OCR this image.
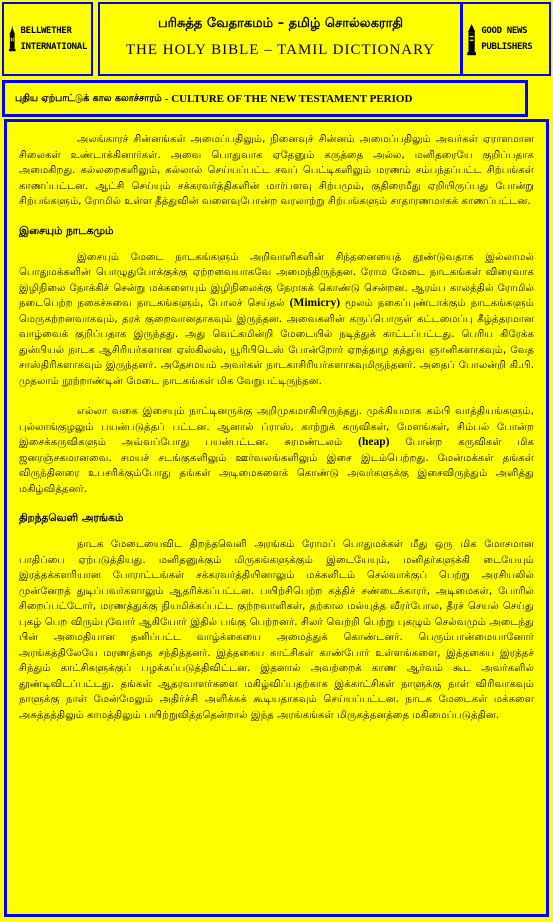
BELLWETHER INTERNATIONAL
பரிசுத்த வேதாகமம் – தமிழ் சொல்லகராதி
THE HOLY BIBLE – TAMIL DICTIONARY
GOOD NEWS PUBLISHERS
புதிய ஏற்பாட்டுக் கால கலாச்சாரம் - CULTURE OF THE NEW TESTAMENT PERIOD

அலங்காரச் சின்னங்கள் அமைப்பதிலும், நினைவுச் சின்னம் அமைப்பதிலும் அவர்கள் ஏராளமான சிலைகள் உண்டாக்கினார்கள். அவை பொதுவாக ஏதேனும் கருத்தை அல்ல, மனிதரையே குறிப்பதாக அமைகிறது. கல்லறைகளிலும், கல்லால் செய்யப்பட்ட சவப் பெட்டிகளிலும் மரணம் சம்பந்தப்பட்ட சிற்பங்கள் காணப்பட்டன. ஆட்சி செய்யும் சக்கரவர்த்திகளின் மார்பளவு சிற்பமும், குதிரைமீது ஏறியிருப்பது போன்று சிற்பங்களும், ரோமில் உள்ள தீத்துவின் வளைவுபோன்ற வரலாற்று சிற்பங்களும் சாதாரணமாகக் காணப்பட்டன.

இசையும் நாடகமும்

இசையும் மேடை நாடகங்களும் அறிவாளிகளின் சிந்தனையைத் தூண்டுவதாக இல்லாமல் பொதுமக்களின் பொழுதுபோக்குக்கு ஏற்றவையாகவே அமைந்திருந்தன. ரோம மேடை நாடகங்கள் விரைவாக இழிநிலை நோக்கிச் சென்று மக்களையும் இழிநிலைக்கு நேராகக் கொண்டு சென்றன. ஆரம்ப காலத்தில் ரோமில் நடைபெற்ற நகைச்சுவை நாடகங்களும், போலச் செய்தல் (Mimicry) மூலம் நகைப்புண்டாக்கும் நாடகங்களும் மெருகற்றனவாகவும், தரக் குறைவானதாகவும் இருந்தன. அவைகளின் கருப்பொருள் கட்டமைப்பு கீழ்த்தரமான வாழ்வைக் குறிப்பதாக இருந்தது. அது வெட்கமின்றி மேடையில் நடித்துக் காட்டப்பட்டது. பெரிய கிரேக்க துன்பியல் நாடக ஆசிரியர்களான ஏஸ்கிலஸ், யூரிபிடெஸ் போன்றோர் ஏறத்தாழ தத்துவ ஞானிகளாகவும், வேத சாஸ்திரிகளாகவும் இருந்தனர். அதேசமயம் அவர்கள் நாடகாசிரியர்களாகவுமிருந்தனர். அதைப் போலன்றி கி.பி. முதலாம் நூற்றாண்டின் மேடை நாடகங்கள் மிக வேறுபட்டிருந்தன.

எல்லா வகை இசையும் நாட்டினருக்கு அறிமுகமாகியிருந்தது. முக்கியமாக கம்பி வாத்தியங்களும், புல்லாங்குழலும் பயன்படுத்தப் பட்டன. ஆனால் ப்ராஸ், காற்றுக் கருவிகள், மேளங்கள், சிம்பல் போன்ற இசைக்கருவிகளும் அவ்வப்போது பயன்பட்டன. சுரமண்டலம் (heap) போன்ற கருவிகள் மிக ஜனரஞ்சகமானவை. சமயச் சடங்குகளிலும் ஊர்வலங்களிலும் இசை இடம்பெற்றது. மேன்மக்கள் தங்கள் விருந்தினரை உபசரிக்கும்போது தங்கள் அடிமைகளைக் கொண்டு அவர்களுக்கு இசைவிருந்தும் அளித்து மகிழ்வித்தனர்.

திறந்தவெளி அரங்கம்

நாடக மேடையைவிட திறந்தவெளி அரங்கம் ரோமப் பொதுமக்கள் மீது ஒரு மிக மோசமான பாதிப்பை ஏற்படுத்தியது. மனிதனுக்கும் மிருகங்களுக்கும் இடையேயும், மனிதர்களுக்கி டையேயும் இரத்தக்களரியான போராட்டங்கள் சக்கரவர்த்தியினாலும் மக்களிடம் செல்வாக்குப் பெற்று அரசியலில் முன்னேறத் துடிப்பவர்களாலும் ஆதரிக்கப்பட்டன. பயிற்சிபெற்ற கத்திச் சண்டைக்காரர், அடிமைகள், போரில் சிறைப்பட்டோர், மரணத்துக்கு நியமிக்கப்பட்ட குற்றவாளிகள், தற்கால மல்யுத்த வீரர்போல, தீரச் செயல் செய்து புகழ் பெற விரும்புவோர் ஆகியோர் இதில் பங்கு பெற்றனர். சிலர் வெற்றி பெற்று புகழும் செல்வமும் அடைந்து பின் அமைதியான தனிப்பட்ட வாழ்க்கையை அமைத்துக் கொண்டனர். பெரும்பான்மையானோர் அரங்கத்திலேயே மரணத்தை சந்தித்தனர். இத்தகைய காட்சிகள் காண்போர் உள்ளங்களை, இத்தகைய இரத்தச் சிந்தும் காட்சிகளுக்குப் பழக்கப்படுத்திவிட்டன. இதனால் அவற்றைக் காண ஆர்வம் கூட அவர்களில் தூண்டிவிடப்பட்டது. தங்கள் ஆதரவாளர்களை மகிழ்விப்பதற்காக இக்காட்சிகள் நாளுக்கு நாள் விரிவாகவும் நாளுக்கு நாள் மேன்மேலும் அதிர்ச்சி அளிக்கக் கூடியதாகவும் செய்யப்பட்டன. நாடக மேடைகள் மக்களை அசுத்தத்திலும் காமத்திலும் பயிற்றுவித்ததென்றால் இந்த அரங்கங்கள் மிருகத்தனத்தை மகிமைப்படுத்தின.
